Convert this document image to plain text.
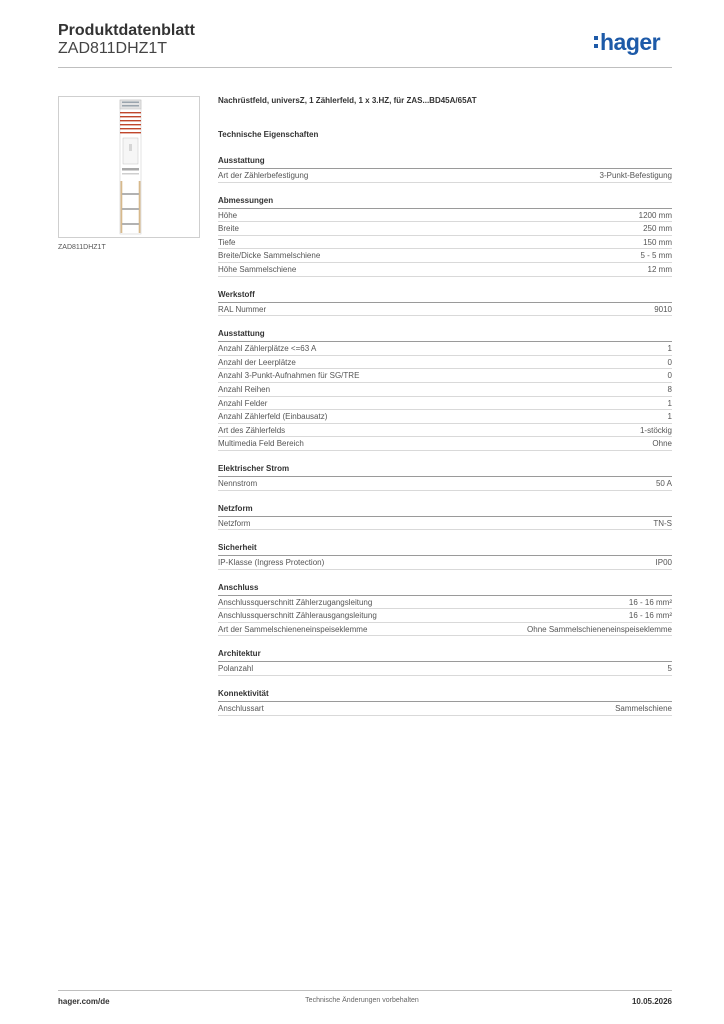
Produktdatenblatt
ZAD811DHZ1T	hager
ZAD811DHZ1T
Nachrüstfeld, universZ, 1 Zählerfeld, 1 x 3.HZ, für ZAS...BD45A/65AT
Technische Eigenschaften
Ausstattung
Art der Zählerbefestigung	3-Punkt-Befestigung
Abmessungen
Höhe	1200 mm
Breite	250 mm
Tiefe	150 mm
Breite/Dicke Sammelschiene	5 - 5 mm
Höhe Sammelschiene	12 mm
Werkstoff
RAL Nummer	9010
Ausstattung
Anzahl Zählerplätze <=63 A	1
Anzahl der Leerplätze	0
Anzahl 3-Punkt-Aufnahmen für SG/TRE	0
Anzahl Reihen	8
Anzahl Felder	1
Anzahl Zählerfeld (Einbausatz)	1
Art des Zählerfelds	1-stöckig
Multimedia Feld Bereich	Ohne
Elektrischer Strom
Nennstrom	50 A
Netzform
Netzform	TN-S
Sicherheit
IP-Klasse (Ingress Protection)	IP00
Anschluss
Anschlussquerschnitt Zählerzugangsleitung	16 - 16 mm²
Anschlussquerschnitt Zählerausgangsleitung	16 - 16 mm²
Art der Sammelschieneneinspeiseklemme	Ohne Sammelschieneneinspeiseklemme
Architektur
Polanzahl	5
Konnektivität
Anschlussart	Sammelschiene
hager.com/de	Technische Änderungen vorbehalten	10.05.2026
